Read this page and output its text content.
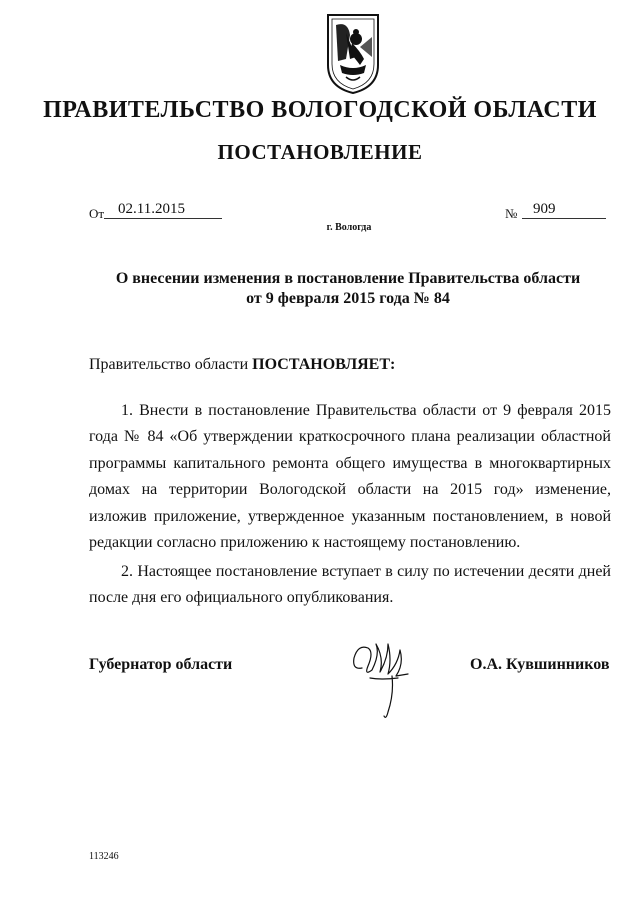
ПРАВИТЕЛЬСТВО ВОЛОГОДСКОЙ ОБЛАСТИ
ПОСТАНОВЛЕНИЕ
От 02.11.2015	№ 909
г. Вологда
О внесении изменения в постановление Правительства области
от 9 февраля 2015 года № 84
Правительство области ПОСТАНОВЛЯЕТ:
1. Внести в постановление Правительства области от 9 февраля 2015 года № 84 «Об утверждении краткосрочного плана реализации областной программы капитального ремонта общего имущества в многоквартирных домах на территории Вологодской области на 2015 год» изменение, изложив приложение, утвержденное указанным постановлением, в новой редакции согласно приложению к настоящему постановлению.
2. Настоящее постановление вступает в силу по истечении десяти дней после дня его официального опубликования.
Губернатор области	О.А. Кувшинников
113246
